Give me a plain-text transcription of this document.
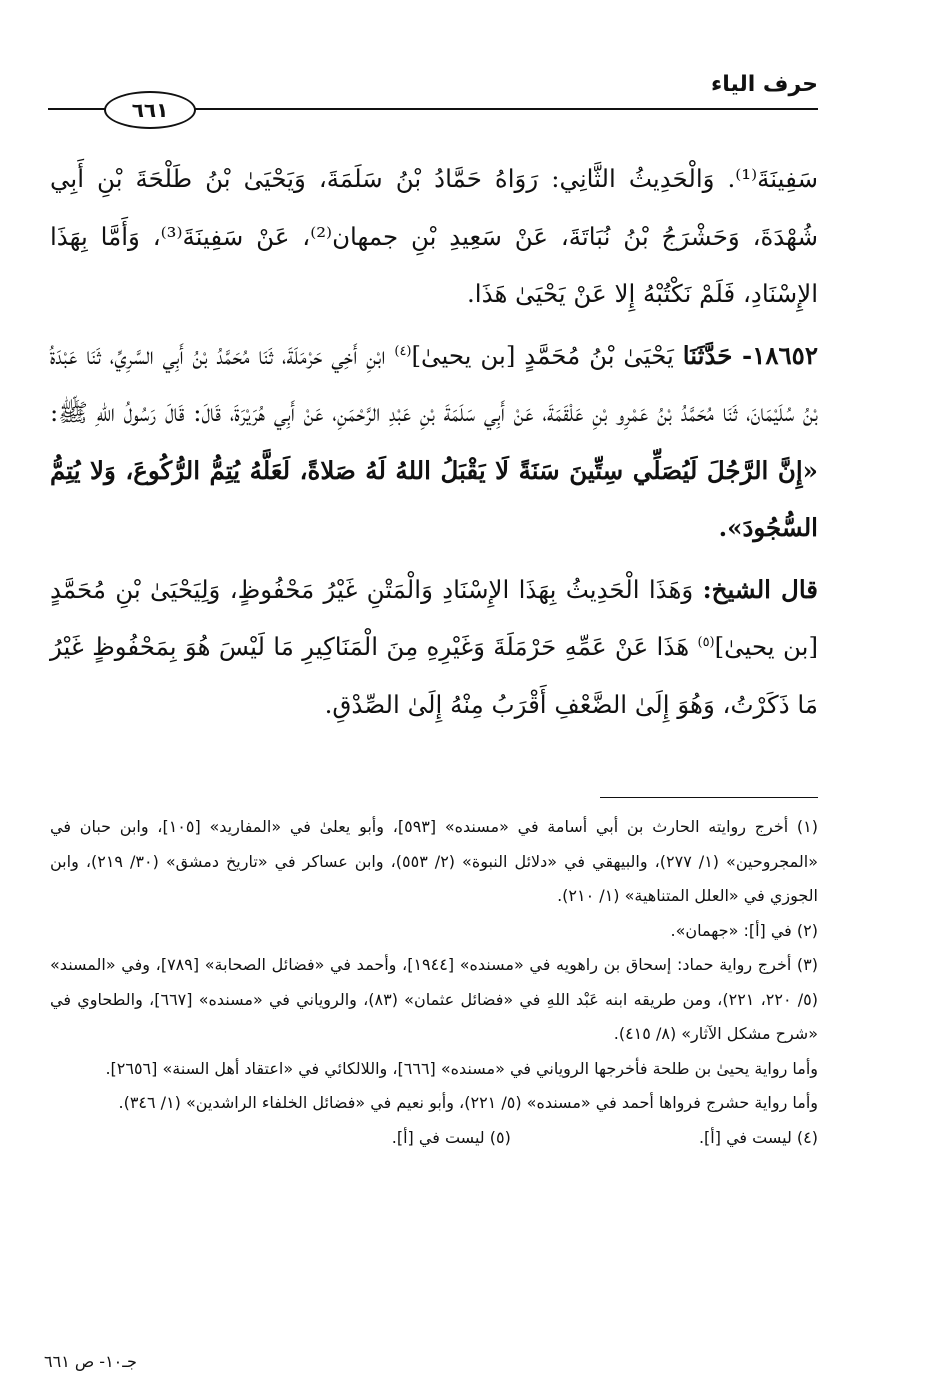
حرف الياء
٦٦١

سَفِينَةَ⁽¹⁾. وَالْحَدِيثُ الثَّانِي: رَوَاهُ حَمَّادُ بْنُ سَلَمَةَ، وَيَحْيَىٰ بْنُ طَلْحَةَ بْنِ أَبِي شُهْدَةَ، وَحَشْرَجُ بْنُ نُبَاتَةَ، عَنْ سَعِيدِ بْنِ جمهان⁽²⁾، عَنْ سَفِينَةَ⁽³⁾، وَأَمَّا بِهَذَا الإِسْنَادِ، فَلَمْ نَكْتُبْهُ إِلا عَنْ يَحْيَىٰ هَذَا.

١٨٦٥٢- حَدَّثَنَا يَحْيَىٰ بْنُ مُحَمَّدٍ [بن يحيىٰ]$^{(٤)}$ ابْنِ أَخِي حَرْمَلَةَ، ثَنَا مُحَمَّدُ بْنُ أَبِي السَّرِيِّ، ثَنَا عَبْدَةُ بْنُ سُلَيْمَانَ، ثَنَا مُحَمَّدُ بْنُ عَمْرِو بْنِ عَلْقَمَةَ، عَنْ أَبِي سَلَمَةَ بْنِ عَبْدِ الرَّحْمَنِ، عَنْ أَبِي هُرَيْرَةَ، قَالَ: قَالَ رَسُولُ اللهِ ﷺ: «إِنَّ الرَّجُلَ لَيُصَلِّي سِتِّينَ سَنَةً لَا يَقْبَلُ اللهُ لَهُ صَلاةً، لَعَلَّهُ يُتِمُّ الرُّكُوعَ، وَلا يُتِمُّ السُّجُودَ».

قال الشيخ: وَهَذَا الْحَدِيثُ بِهَذَا الإِسْنَادِ وَالْمَتْنِ غَيْرُ مَحْفُوظٍ، وَلِيَحْيَىٰ بْنِ مُحَمَّدٍ [بن يحيىٰ]$^{(٥)}$ هَذَا عَنْ عَمِّهِ حَرْمَلَةَ وَغَيْرِهِ مِنَ الْمَنَاكِيرِ مَا لَيْسَ هُوَ بِمَحْفُوظٍ غَيْرُ مَا ذَكَرْتُ، وَهُوَ إِلَىٰ الضَّعْفِ أَقْرَبُ مِنْهُ إِلَىٰ الصِّدْقِ.

(١) أخرج روايته الحارث بن أبي أسامة في «مسنده» [٥٩٣]، وأبو يعلىٰ في «المفاريد» [١٠٥]، وابن حبان في «المجروحين» (١/ ٢٧٧)، والبيهقي في «دلائل النبوة» (٢/ ٥٥٣)، وابن عساكر في «تاريخ دمشق» (٣٠/ ٢١٩)، وابن الجوزي في «العلل المتناهية» (١/ ٢١٠).

(٢) في [أ]: «جهمان».

(٣) أخرج رواية حماد: إسحاق بن راهويه في «مسنده» [١٩٤٤]، وأحمد في «فضائل الصحابة» [٧٨٩]، وفي «المسند» (٥/ ٢٢٠، ٢٢١)، ومن طريقه ابنه عَبْد اللهِ في «فضائل عثمان» (٨٣)، والروياني في «مسنده» [٦٦٧]، والطحاوي في «شرح مشكل الآثار» (٨/ ٤١٥).

وأما رواية يحيىٰ بن طلحة فأخرجها الروياني في «مسنده» [٦٦٦]، واللالكائي في «اعتقاد أهل السنة» [٢٦٥٦].

وأما رواية حشرج فرواها أحمد في «مسنده» (٥/ ٢٢١)، وأبو نعيم في «فضائل الخلفاء الراشدين» (١/ ٣٤٦).

(٤) ليست في [أ].
(٥) ليست في [أ].
جـ١٠- ص ٦٦١
